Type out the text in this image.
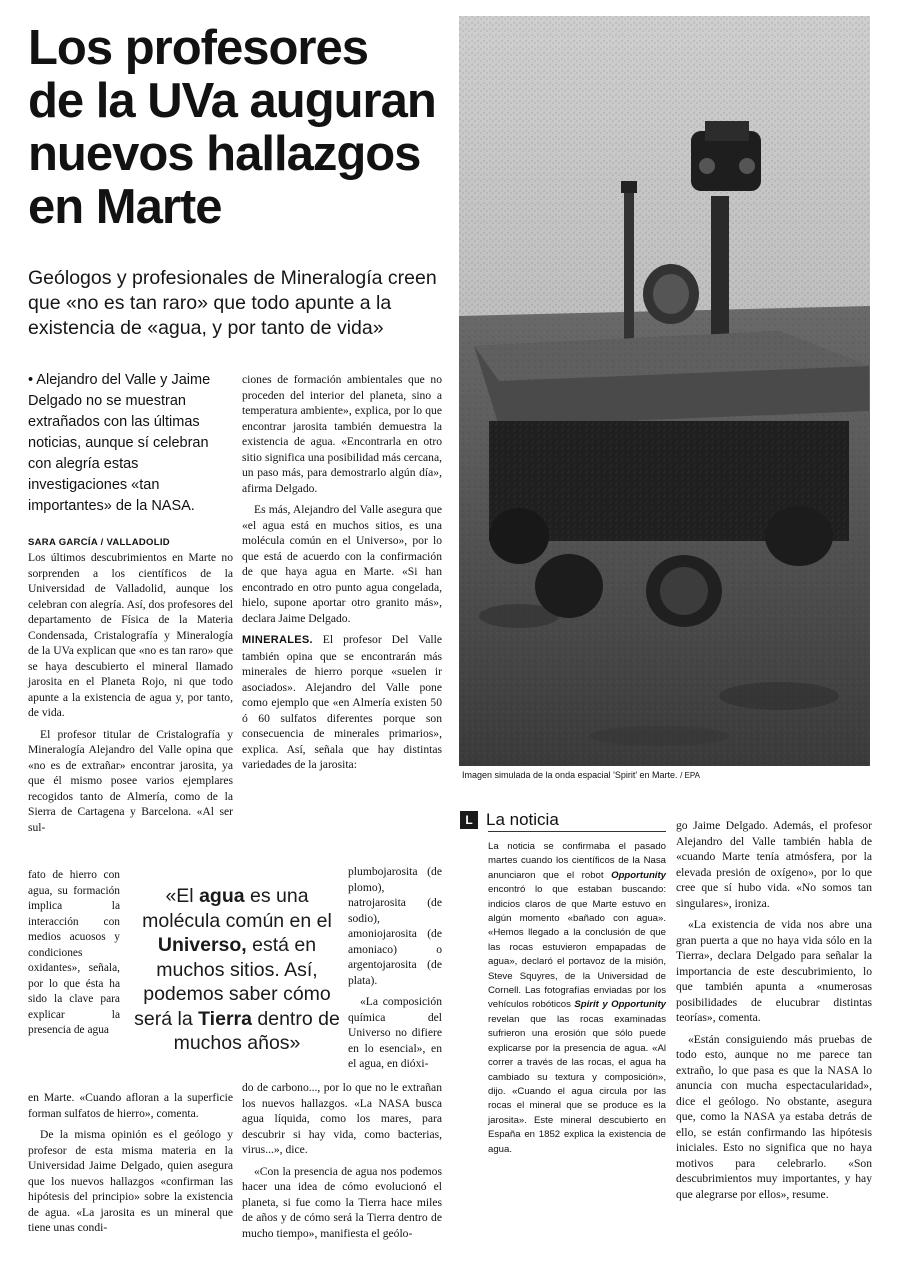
Los profesores
de la UVa auguran
nuevos hallazgos
en Marte
Geólogos y profesionales de Mineralogía creen que «no es tan raro» que todo apunte a la existencia de «agua, y por tanto de vida»
Imagen simulada de la onda espacial 'Spirit' en Marte. / EPA
• Alejandro del Valle y Jaime Delgado no se muestran extrañados con las últimas noticias, aunque sí celebran con alegría estas investigaciones «tan importantes» de la NASA.
SARA GARCÍA / VALLADOLID

Los últimos descubrimientos en Marte no sorprenden a los científicos de la Universidad de Valladolid, aunque los celebran con alegría. Así, dos profesores del departamento de Física de la Materia Condensada, Cristalografía y Mineralogía de la UVa explican que «no es tan raro» que se haya descubierto el mineral llamado jarosita en el Planeta Rojo, ni que todo apunte a la existencia de agua y, por tanto, de vida.

El profesor titular de Cristalografía y Mineralogía Alejandro del Valle opina que «no es de extrañar» encontrar jarosita, ya que él mismo posee varios ejemplares recogidos tanto de Almería, como de la Sierra de Cartagena y Barcelona. «Al ser sul-

fato de hierro con agua, su formación implica la interacción con medios acuosos y condiciones oxidantes», señala, por lo que ésta ha sido la clave para explicar la presencia de agua

en Marte. «Cuando afloran a la superficie forman sulfatos de hierro», comenta.

De la misma opinión es el geólogo y profesor de esta misma materia en la Universidad Jaime Delgado, quien asegura que los nuevos hallazgos «confirman las hipótesis del principio» sobre la existencia de agua. «La jarosita es un mineral que tiene unas condi-

«El agua es una molécula común en el Universo, está en muchos sitios. Así, podemos saber cómo será la Tierra dentro de muchos años»

ciones de formación ambientales que no proceden del interior del planeta, sino a temperatura ambiente», explica, por lo que encontrar jarosita también demuestra la existencia de agua. «Encontrarla en otro sitio significa una posibilidad más cercana, un paso más, para demostrarlo algún día», afirma Delgado.

Es más, Alejandro del Valle asegura que «el agua está en muchos sitios, es una molécula común en el Universo», por lo que está de acuerdo con la confirmación de que haya agua en Marte. «Si han encontrado en otro punto agua congelada, hielo, supone aportar otro granito más», declara Jaime Delgado.

MINERALES. El profesor Del Valle también opina que se encontrarán más minerales de hierro porque «suelen ir asociados». Alejandro del Valle pone como ejemplo que «en Almería existen 50 ó 60 sulfatos diferentes porque son consecuencia de minerales primarios», explica. Así, señala que hay distintas variedades de la jarosita:

plumbojarosita (de plomo), natrojarosita (de sodio), amoniojarosita (de amoniaco) o argentojarosita (de plata).

«La composición química del Universo no difiere en lo esencial», en el agua, en dióxi-

do de carbono..., por lo que no le extrañan los nuevos hallazgos. «La NASA busca agua líquida, como los mares, para descubrir si hay vida, como bacterias, virus...», dice.

«Con la presencia de agua nos podemos hacer una idea de cómo evolucionó el planeta, si fue como la Tierra hace miles de años y de cómo será la Tierra dentro de mucho tiempo», manifiesta el geólo-

L La noticia

La noticia se confirmaba el pasado martes cuando los científicos de la Nasa anunciaron que el robot Opportunity encontró lo que estaban buscando: indicios claros de que Marte estuvo en algún momento «bañado con agua». «Hemos llegado a la conclusión de que las rocas estuvieron empapadas de agua», declaró el portavoz de la misión, Steve Squyres, de la Universidad de Cornell. Las fotografías enviadas por los vehículos robóticos Spirit y Opportunity revelan que las rocas examinadas sufrieron una erosión que sólo puede explicarse por la presencia de agua. «Al correr a través de las rocas, el agua ha cambiado su textura y composición», dijo. «Cuando el agua circula por las rocas el mineral que se produce es la jarosita». Este mineral descubierto en España en 1852 explica la existencia de agua.

go Jaime Delgado. Además, el profesor Alejandro del Valle también habla de «cuando Marte tenía atmósfera, por la elevada presión de oxígeno», por lo que cree que sí hubo vida. «No somos tan singulares», ironiza.

«La existencia de vida nos abre una gran puerta a que no haya vida sólo en la Tierra», declara Delgado para señalar la importancia de este descubrimiento, lo que también apunta a «numerosas posibilidades de elucubrar distintas teorías», comenta.

«Están consiguiendo más pruebas de todo esto, aunque no me parece tan extraño, lo que pasa es que la NASA lo anuncia con mucha espectacularidad», dice el geólogo. No obstante, asegura que, como la NASA ya estaba detrás de ello, se están confirmando las hipótesis iniciales. Esto no significa que no haya motivos para celebrarlo. «Son descubrimientos muy importantes, y hay que alegrarse por ellos», resume.
